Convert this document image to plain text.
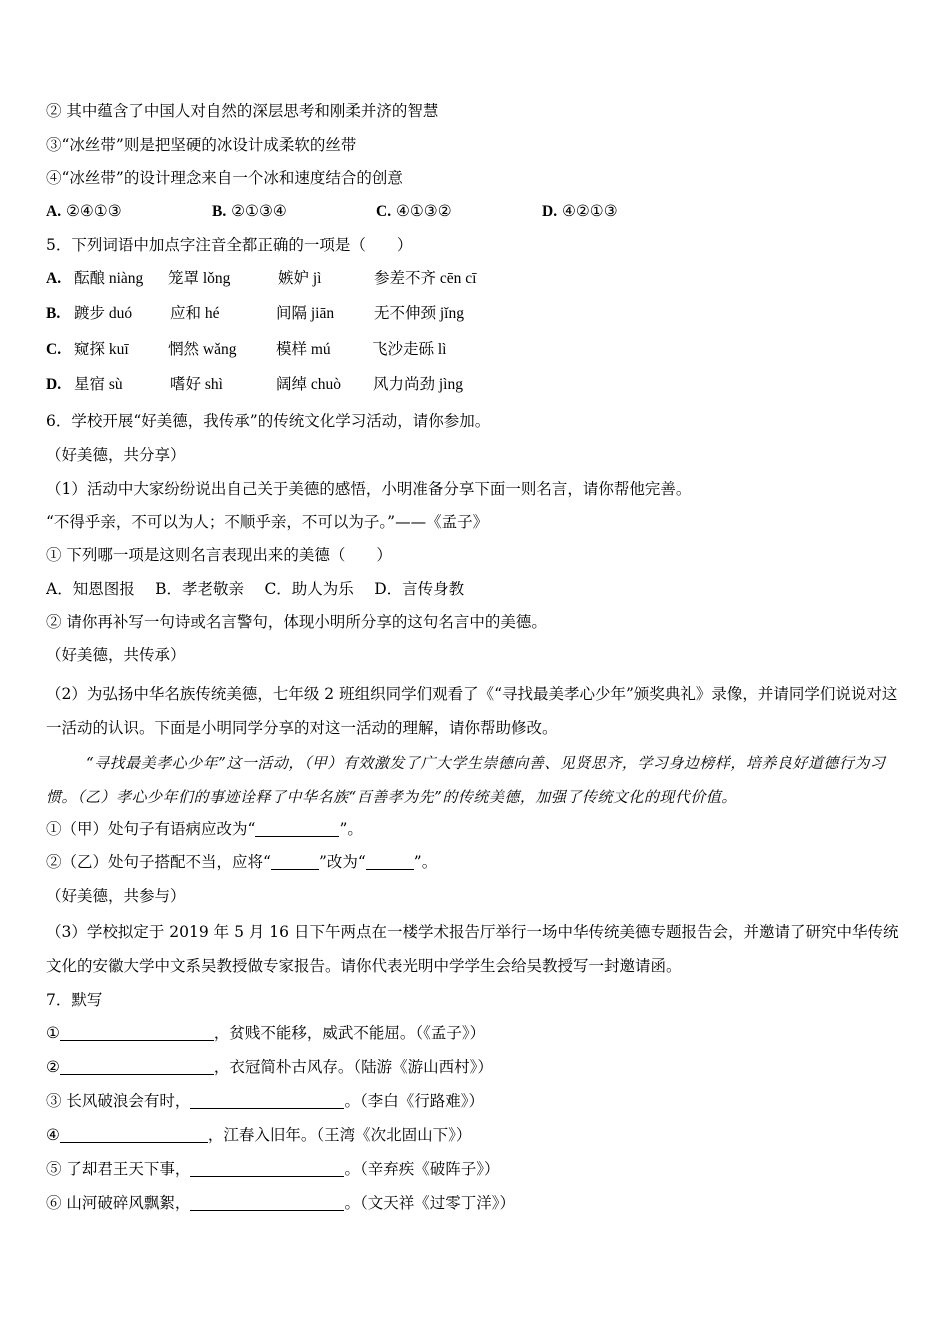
② 其中蕴含了中国人对自然的深层思考和刚柔并济的智慧
③“冰丝带”则是把坚硬的冰设计成柔软的丝带
④“冰丝带”的设计理念来自一个冰和速度结合的创意
A. ②④①③	B. ②①③④	C. ④①③②	D. ④②①③
5．下列词语中加点字注音全都正确的一项是（　　）
A. 酝酿 niàng 笼罩 lǒng	嫉妒 jì	参差不齐 cēn cī
B. 踱步 duó 应和 hé	间隔 jiān	无不伸颈 jǐng
C. 窥探 kuī	惘然 wǎng	模样 mú	飞沙走砾 lì
D. 星宿 sù	嗜好 shì	阔绰 chuò 风力尚劲 jìng
6．学校开展“好美德，我传承”的传统文化学习活动，请你参加。
（好美德，共分享）
（1）活动中大家纷纷说出自己关于美德的感悟，小明准备分享下面一则名言，请你帮他完善。
“不得乎亲，不可以为人；不顺乎亲，不可以为子。”——《孟子》
① 下列哪一项是这则名言表现出来的美德（　　）
A．知恩图报　 B．孝老敬亲　 C．助人为乐　 D．言传身教
② 请你再补写一句诗或名言警句，体现小明所分享的这句名言中的美德。
（好美德，共传承）
（2）为弘扬中华名族传统美德，七年级 2 班组织同学们观看了《“寻找最美孝心少年”颁奖典礼》录像，并请同学们说说对这一活动的认识。下面是小明同学分享的对这一活动的理解，请你帮助修改。
“寻找最美孝心少年”这一活动，（甲）有效激发了广大学生崇德向善、见贤思齐，学习身边榜样，培养良好道德行为习惯。（乙）孝心少年们的事迹诠释了中华名族“百善孝为先”的传统美德，加强了传统文化的现代价值。
①（甲）处句子有语病应改为“	”。
②（乙）处句子搭配不当，应将“	”改为“	”。
（好美德，共参与）
（3）学校拟定于 2019 年 5 月 16 日下午两点在一楼学术报告厅举行一场中华传统美德专题报告会，并邀请了研究中华传统文化的安徽大学中文系吴教授做专家报告。请你代表光明中学学生会给吴教授写一封邀请函。
7．默写
①	，贫贱不能移，威武不能屈。（《孟子》）
②	，衣冠简朴古风存。（陆游《游山西村》）
③ 长风破浪会有时，	。（李白《行路难》）
④	，江春入旧年。（王湾《次北固山下》）
⑤ 了却君王天下事，	。（辛弃疾《破阵子》）
⑥ 山河破碎风飘絮，	。（文天祥《过零丁洋》）
